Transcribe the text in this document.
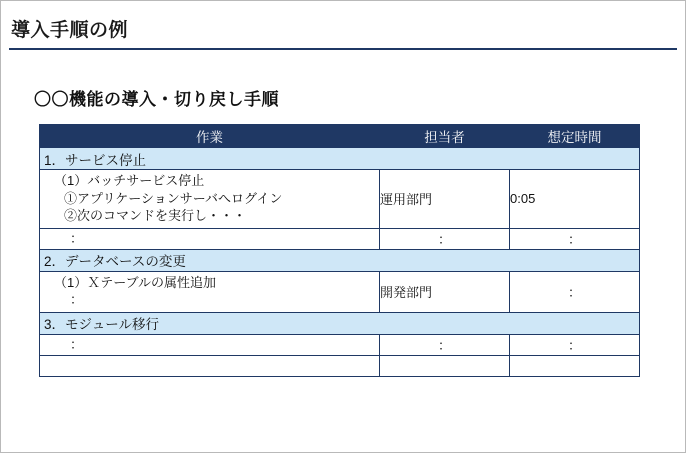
導入手順の例
〇〇機能の導入・切り戻し手順
作業	担当者	想定時間
1．サービス停止		

（1）バッチサービス停止
①アプリケーションサーバへログイン
②次のコマンドを実行し・・・	運用部門	0:05

：	：	：
2．データベースの変更		

（1）Ｘテーブルの属性追加
：	開発部門	：
3．モジュール移行		

：	：	：
